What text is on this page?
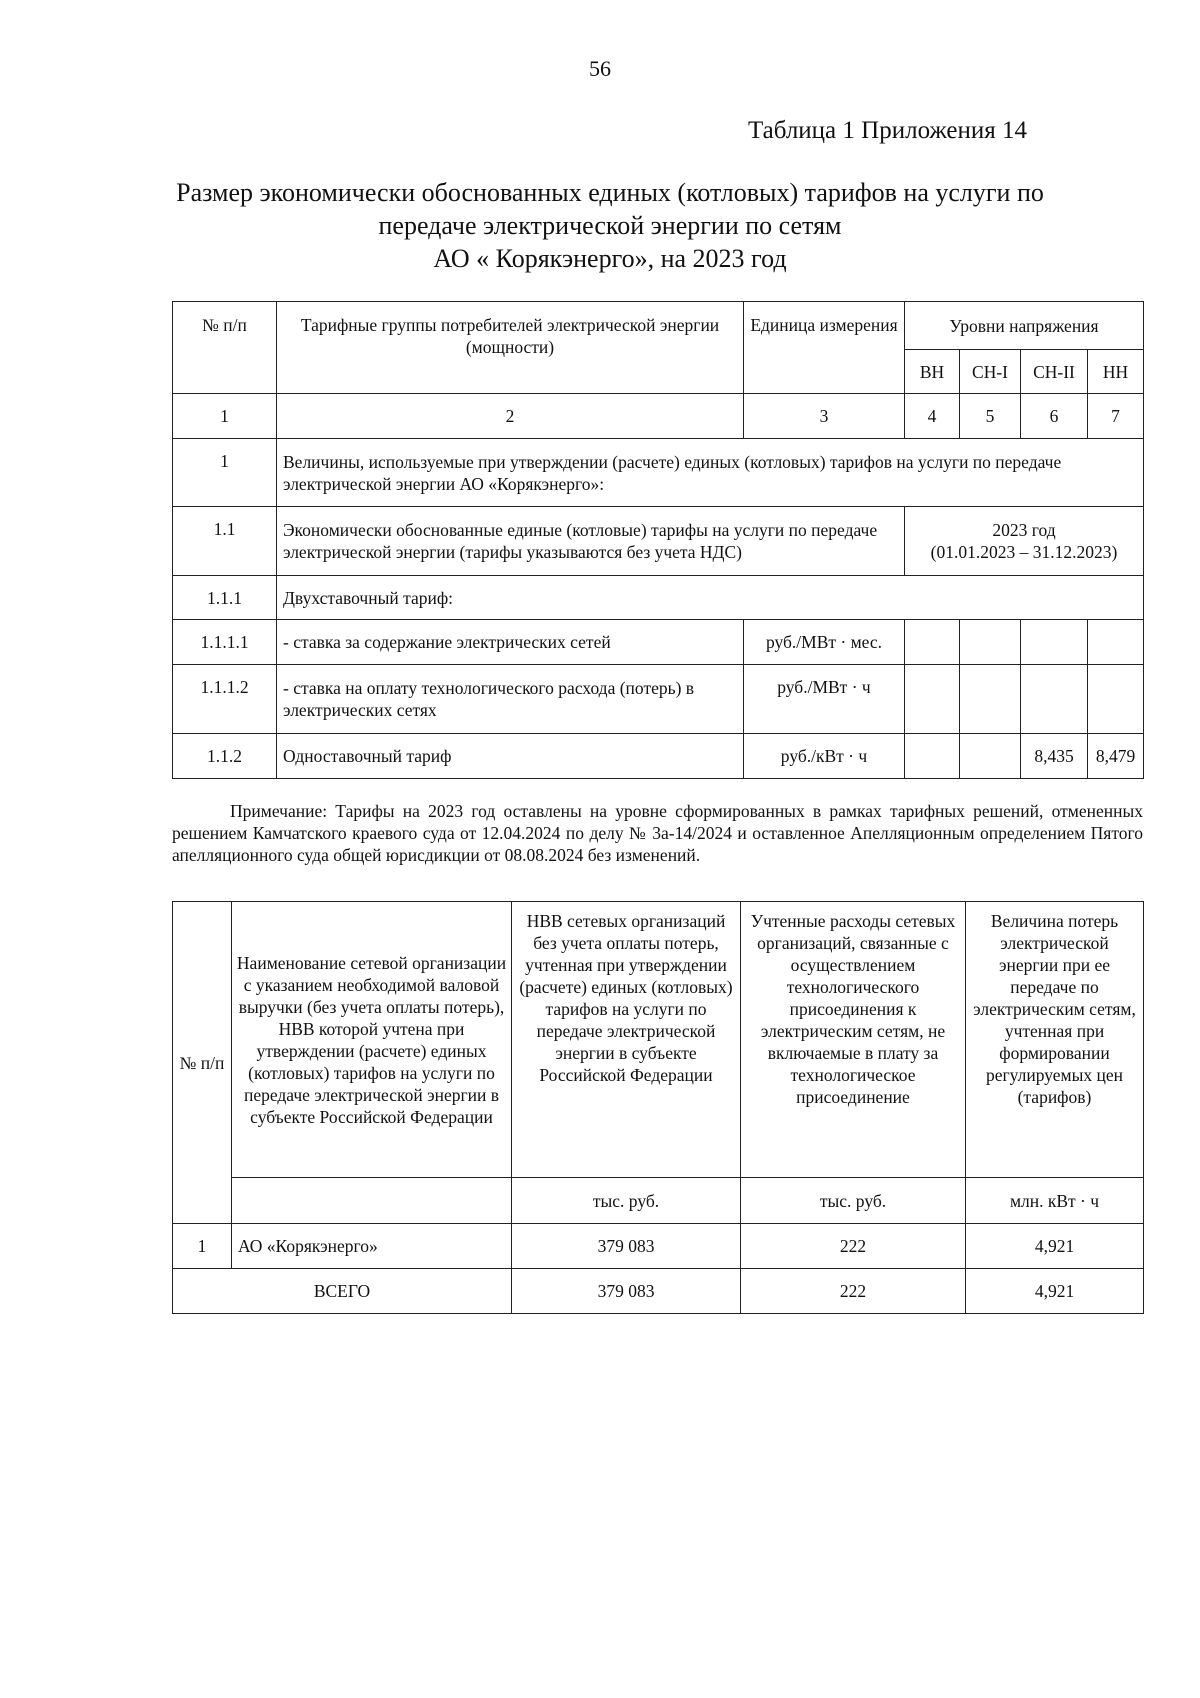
56
Таблица 1 Приложения 14
Размер экономически обоснованных единых (котловых) тарифов на услуги по
передаче электрической энергии по сетям
АО « Корякэнерго», на 2023 год
№ п/п	Тарифные группы потребителей электрической энергии (мощности)	Единица измерения	Уровни напряжения			
			ВН	СН-I	СН-II	НН
1	2	3	4	5	6	7
1	Величины, используемые при утверждении (расчете) единых (котловых) тарифов на услуги по передаче электрической энергии АО «Корякэнерго»:					
1.1	Экономически обоснованные единые (котловые) тарифы на услуги по передаче электрической энергии (тарифы указываются без учета НДС)		2023 год
(01.01.2023 – 31.12.2023)			

1.1.1	Двухставочный тариф:					
1.1.1.1	- ставка за содержание электрических сетей	руб./МВт · мес.				
1.1.1.2	- ставка на оплату технологического расхода (потерь) в электрических сетях	руб./МВт · ч				
1.1.2	Одноставочный тариф	руб./кВт · ч			8,435	8,479

Примечание: Тарифы на 2023 год оставлены на уровне сформированных в рамках тарифных решений, отмененных решением Камчатского краевого суда от 12.04.2024 по делу № 3а-14/2024 и оставленное Апелляционным определением Пятого апелляционного суда общей юрисдикции от 08.08.2024 без изменений.

№ п/п	Наименование сетевой организации с указанием необходимой валовой выручки (без учета оплаты потерь), НВВ которой учтена при утверждении (расчете) единых (котловых) тарифов на услуги по передаче электрической энергии в субъекте Российской Федерации	НВВ сетевых организаций без учета оплаты потерь, учтенная при утверждении (расчете) единых (котловых) тарифов на услуги по передаче электрической энергии в субъекте Российской Федерации	Учтенные расходы сетевых организаций, связанные с осуществлением технологического присоединения к электрическим сетям, не включаемые в плату за технологическое присоединение	Величина потерь электрической энергии при ее передаче по электрическим сетям, учтенная при формировании регулируемых цен (тарифов)
		тыс. руб.	тыс. руб.	млн. кВт · ч
1	АО «Корякэнерго»	379 083	222	4,921
ВСЕГО		379 083	222	4,921
